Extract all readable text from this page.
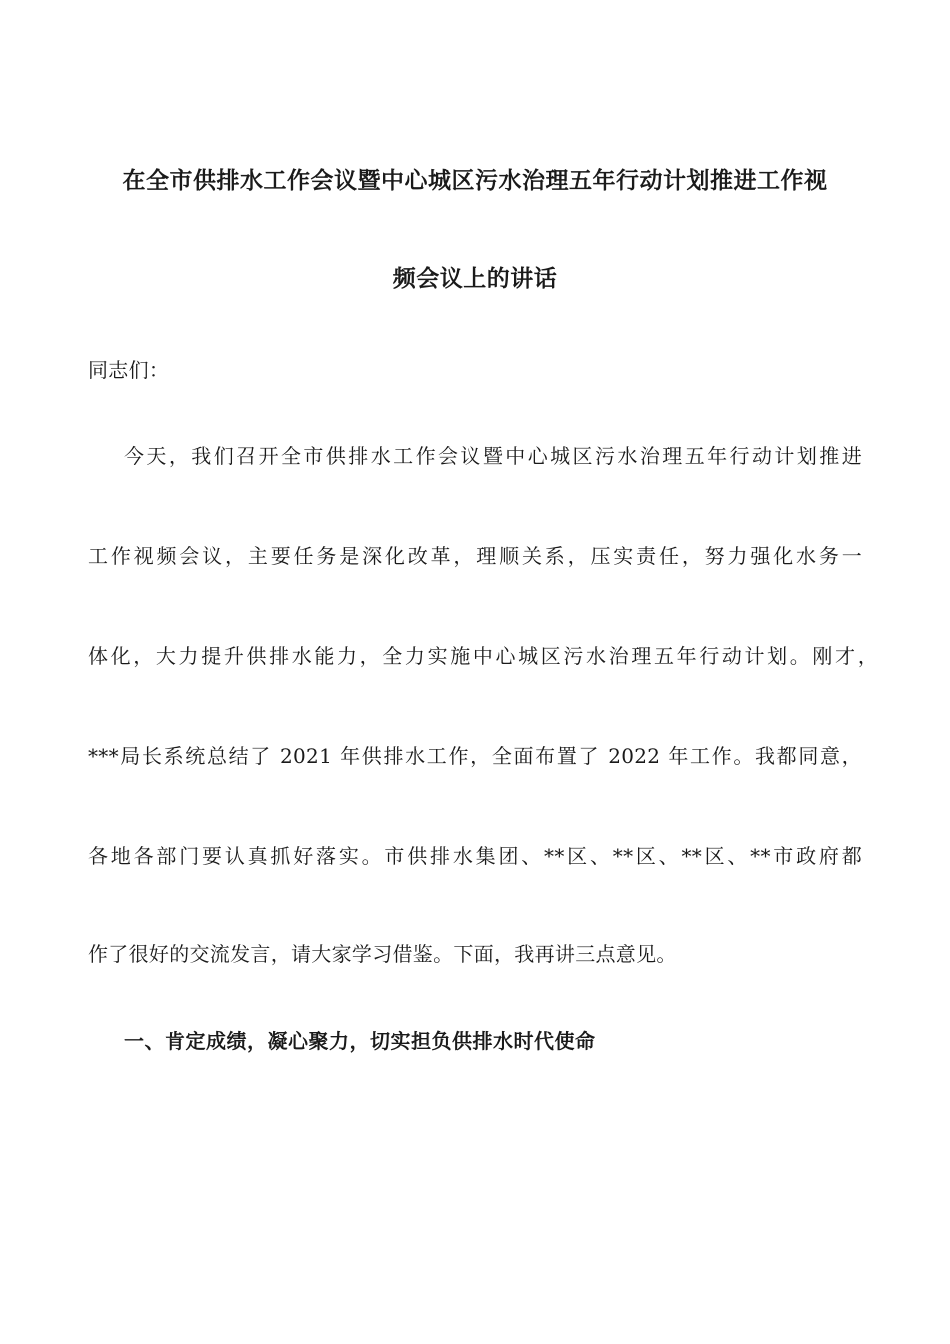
在全市供排水工作会议暨中心城区污水治理五年行动计划推进工作视
频会议上的讲话
同志们：
今天，我们召开全市供排水工作会议暨中心城区污水治理五年行动计划推进
工作视频会议，主要任务是深化改革，理顺关系，压实责任，努力强化水务一
体化，大力提升供排水能力，全力实施中心城区污水治理五年行动计划。刚才，
***局长系统总结了 2021 年供排水工作，全面布置了 2022 年工作。我都同意，
各地各部门要认真抓好落实。市供排水集团、**区、**区、**区、**市政府都
作了很好的交流发言，请大家学习借鉴。下面，我再讲三点意见。
一、肯定成绩，凝心聚力，切实担负供排水时代使命
